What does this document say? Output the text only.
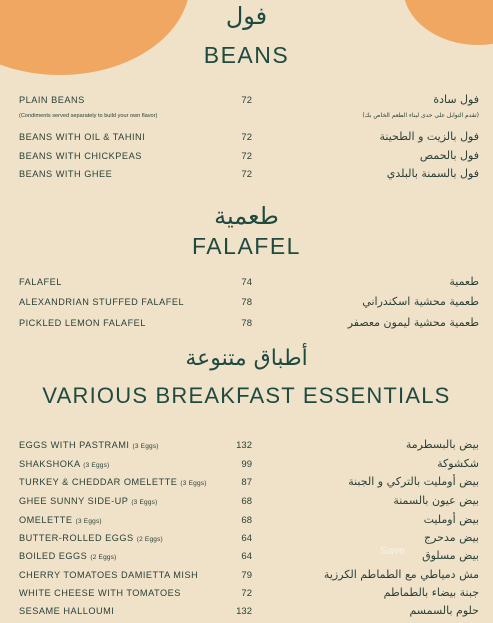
فول
BEANS
PLAIN BEANS	72	فول سادة
(Condiments served separately to build your own flavor)	(تقدم التوابل على حدى لبناء الطعم الخاص بك)
BEANS WITH OIL & TAHINI	72	فول بالزيت و الطحينة
BEANS WITH CHICKPEAS	72	فول بالحمص
BEANS WITH GHEE	72	فول بالسمنة بالبلدي
طعمية
FALAFEL
FALAFEL	74	طعمية
ALEXANDRIAN STUFFED FALAFEL	78	طعمية محشية اسكندراني
PICKLED LEMON FALAFEL	78	طعمية محشية ليمون معصفر
أطباق متنوعة
VARIOUS BREAKFAST ESSENTIALS
EGGS WITH PASTRAMI (3 Eggs)	132	بيض بالبسطرمة
SHAKSHOKA (3 Eggs)	99	شكشوكة
TURKEY & CHEDDAR OMELETTE (3 Eggs)	87	بيض أومليت بالتركي و الجبنة
GHEE SUNNY SIDE-UP (3 Eggs)	68	بيض عيون بالسمنة
OMELETTE (3 Eggs)	68	بيض أومليت
BUTTER-ROLLED EGGS (2 Eggs)	64	بيض مدحرج
BOILED EGGS (2 Eggs)	64	بيض مسلوق
CHERRY TOMATOES DAMIETTA MISH	79	مش دمياطي مع الطماطم الكرزية
WHITE CHEESE WITH TOMATOES	72	جبنة بيضاء بالطماطم
SESAME HALLOUMI	132	حلوم بالسمسم
Save
